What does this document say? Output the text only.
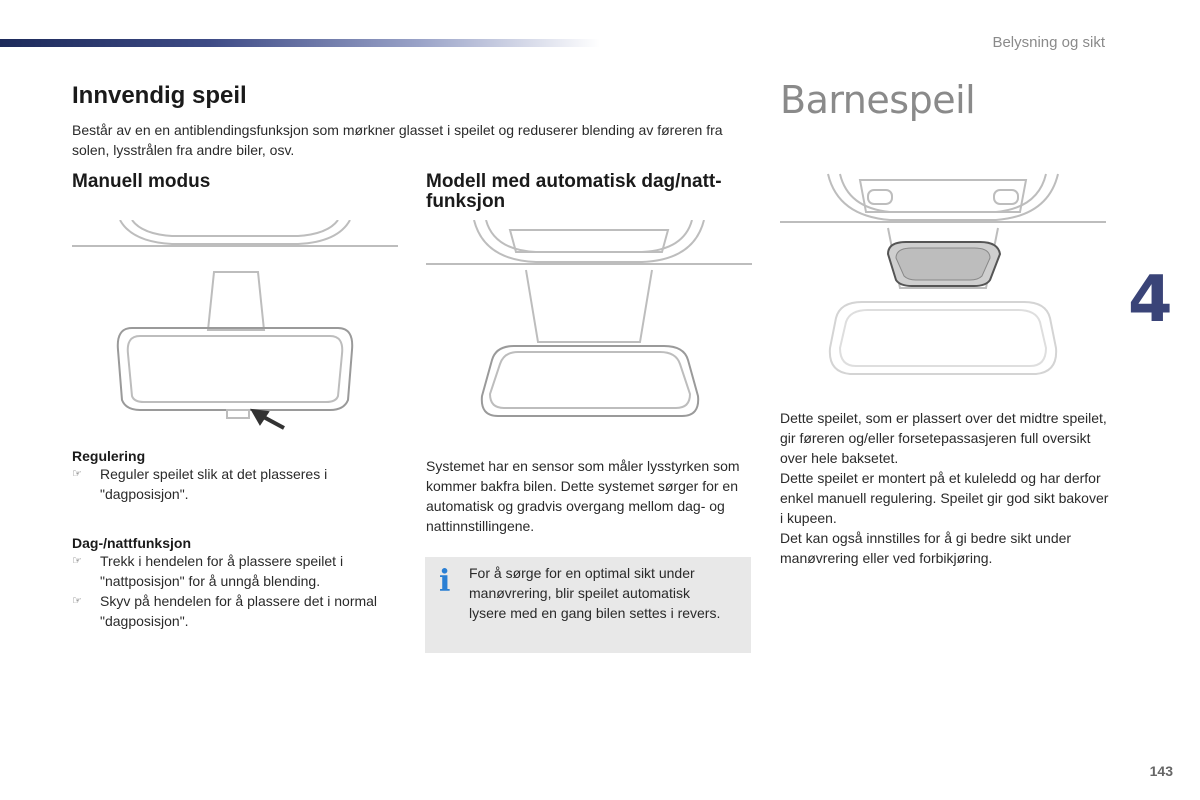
Belysning og sikt
4
143
Innvendig speil

Består av en en antiblendingsfunksjon som mørkner glasset i speilet og reduserer blending av føreren fra solen, lysstrålen fra andre biler, osv.

Manuell modus

Regulering

☞ Reguler speilet slik at det plasseres i "dagposisjon".

Dag-/nattfunksjon

☞ Trekk i hendelen for å plassere speilet i "nattposisjon" for å unngå blending.
☞ Skyv på hendelen for å plassere det i normal "dagposisjon".
Modell med automatisk dag/natt-funksjon

Systemet har en sensor som måler lysstyrken som kommer bakfra bilen. Dette systemet sørger for en automatisk og gradvis overgang mellom dag- og nattinnstillingene.

i For å sørge for en optimal sikt under manøvrering, blir speilet automatisk lysere med en gang bilen settes i revers.
Barnespeil

Dette speilet, som er plassert over det midtre speilet, gir føreren og/eller forsetepassasjeren full oversikt over hele baksetet.
Dette speilet er montert på et kuleledd og har derfor enkel manuell regulering. Speilet gir god sikt bakover i kupeen.
Det kan også innstilles for å gi bedre sikt under manøvrering eller ved forbikjøring.
